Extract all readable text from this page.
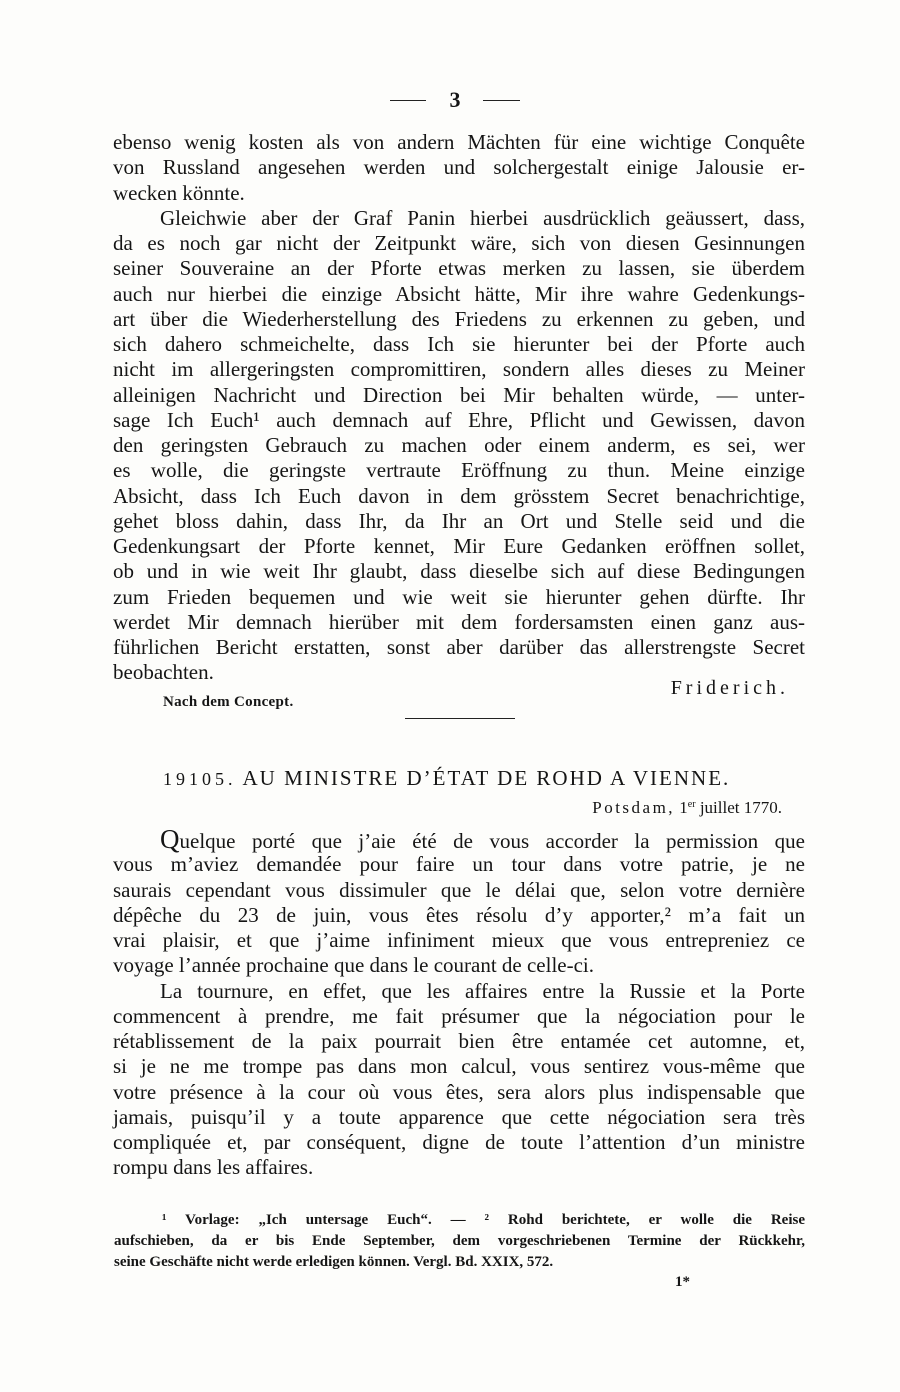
3
ebenso wenig kosten als von andern Mächten für eine wichtige Conquête
von Russland angesehen werden und solchergestalt einige Jalousie er-
wecken könnte.
Gleichwie aber der Graf Panin hierbei ausdrücklich geäussert, dass,
da es noch gar nicht der Zeitpunkt wäre, sich von diesen Gesinnungen
seiner Souveraine an der Pforte etwas merken zu lassen, sie überdem
auch nur hierbei die einzige Absicht hätte, Mir ihre wahre Gedenkungs-
art über die Wiederherstellung des Friedens zu erkennen zu geben, und
sich dahero schmeichelte, dass Ich sie hierunter bei der Pforte auch
nicht im allergeringsten compromittiren, sondern alles dieses zu Meiner
alleinigen Nachricht und Direction bei Mir behalten würde, — unter-
sage Ich Euch¹ auch demnach auf Ehre, Pflicht und Gewissen, davon
den geringsten Gebrauch zu machen oder einem anderm, es sei, wer
es wolle, die geringste vertraute Eröffnung zu thun. Meine einzige
Absicht, dass Ich Euch davon in dem grösstem Secret benachrichtige,
gehet bloss dahin, dass Ihr, da Ihr an Ort und Stelle seid und die
Gedenkungsart der Pforte kennet, Mir Eure Gedanken eröffnen sollet,
ob und in wie weit Ihr glaubt, dass dieselbe sich auf diese Bedingungen
zum Frieden bequemen und wie weit sie hierunter gehen dürfte. Ihr
werdet Mir demnach hierüber mit dem fordersamsten einen ganz aus-
führlichen Bericht erstatten, sonst aber darüber das allerstrengste Secret
beobachten.
Friderich.
Nach dem Concept.
19105. AU MINISTRE D’ÉTAT DE ROHD A VIENNE.
Potsdam, 1er juillet 1770.
Quelque porté que j’aie été de vous accorder la permission que
vous m’aviez demandée pour faire un tour dans votre patrie, je ne
saurais cependant vous dissimuler que le délai que, selon votre dernière
dépêche du 23 de juin, vous êtes résolu d’y apporter,² m’a fait un
vrai plaisir, et que j’aime infiniment mieux que vous entrepreniez ce
voyage l’année prochaine que dans le courant de celle-ci.
La tournure, en effet, que les affaires entre la Russie et la Porte
commencent à prendre, me fait présumer que la négociation pour le
rétablissement de la paix pourrait bien être entamée cet automne, et,
si je ne me trompe pas dans mon calcul, vous sentirez vous-même que
votre présence à la cour où vous êtes, sera alors plus indispensable que
jamais, puisqu’il y a toute apparence que cette négociation sera très
compliquée et, par conséquent, digne de toute l’attention d’un ministre
rompu dans les affaires.
¹ Vorlage: „Ich untersage Euch“. — ² Rohd berichtete, er wolle die Reise
aufschieben, da er bis Ende September, dem vorgeschriebenen Termine der Rückkehr,
seine Geschäfte nicht werde erledigen können. Vergl. Bd. XXIX, 572.
1*
